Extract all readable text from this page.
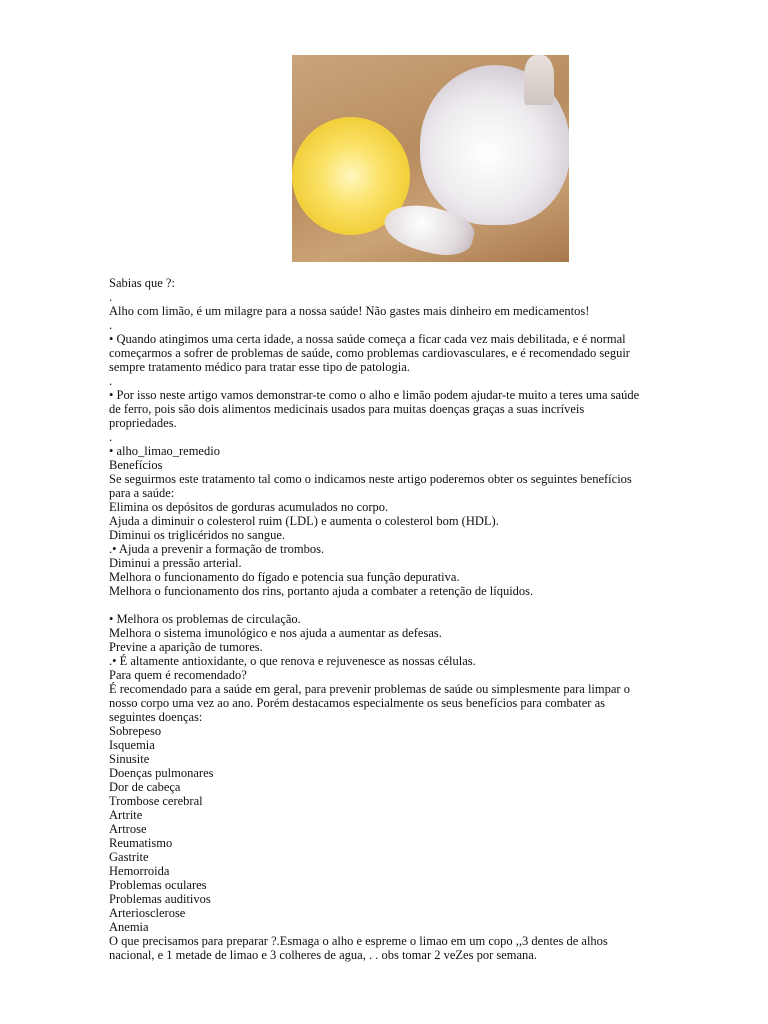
Sabias que ?:
.
Alho com limão, é um milagre para a nossa saúde! Não gastes mais dinheiro em medicamentos!
.
• Quando atingimos uma certa idade, a nossa saúde começa a ficar cada vez mais debilitada, e é normal
começarmos a sofrer de problemas de saúde, como problemas cardiovasculares, e é recomendado seguir
sempre tratamento médico para tratar esse tipo de patologia.
.
• Por isso neste artigo vamos demonstrar-te como o alho e limão podem ajudar-te muito a teres uma saúde
de ferro, pois são dois alimentos medicinais usados para muitas doenças graças a suas incríveis
propriedades.
.
• alho_limao_remedio
Benefícios
Se seguirmos este tratamento tal como o indicamos neste artigo poderemos obter os seguintes benefícios
para a saúde:
Elimina os depósitos de gorduras acumulados no corpo.
Ajuda a diminuir o colesterol ruim (LDL) e aumenta o colesterol bom (HDL).
Diminui os triglicéridos no sangue.
.• Ajuda a prevenir a formação de trombos.
Diminui a pressão arterial.
Melhora o funcionamento do fígado e potencia sua função depurativa.
Melhora o funcionamento dos rins, portanto ajuda a combater a retenção de líquidos.
• Melhora os problemas de circulação.
Melhora o sistema imunológico e nos ajuda a aumentar as defesas.
Previne a aparição de tumores.
.• É altamente antioxidante, o que renova e rejuvenesce as nossas células.
Para quem é recomendado?
É recomendado para a saúde em geral, para prevenir problemas de saúde ou simplesmente para limpar o
nosso corpo uma vez ao ano. Porém destacamos especialmente os seus benefícios para combater as
seguintes doenças:
Sobrepeso
Isquemia
Sinusite
Doenças pulmonares
Dor de cabeça
Trombose cerebral
Artrite
Artrose
Reumatismo
Gastrite
Hemorroida
Problemas oculares
Problemas auditivos
Arteriosclerose
Anemia
O que precisamos para preparar ?.Esmaga o alho e espreme o limao em um copo ,,3 dentes de alhos
nacional, e 1 metade de limao e 3 colheres de agua, . . obs tomar 2 veZes por semana.
